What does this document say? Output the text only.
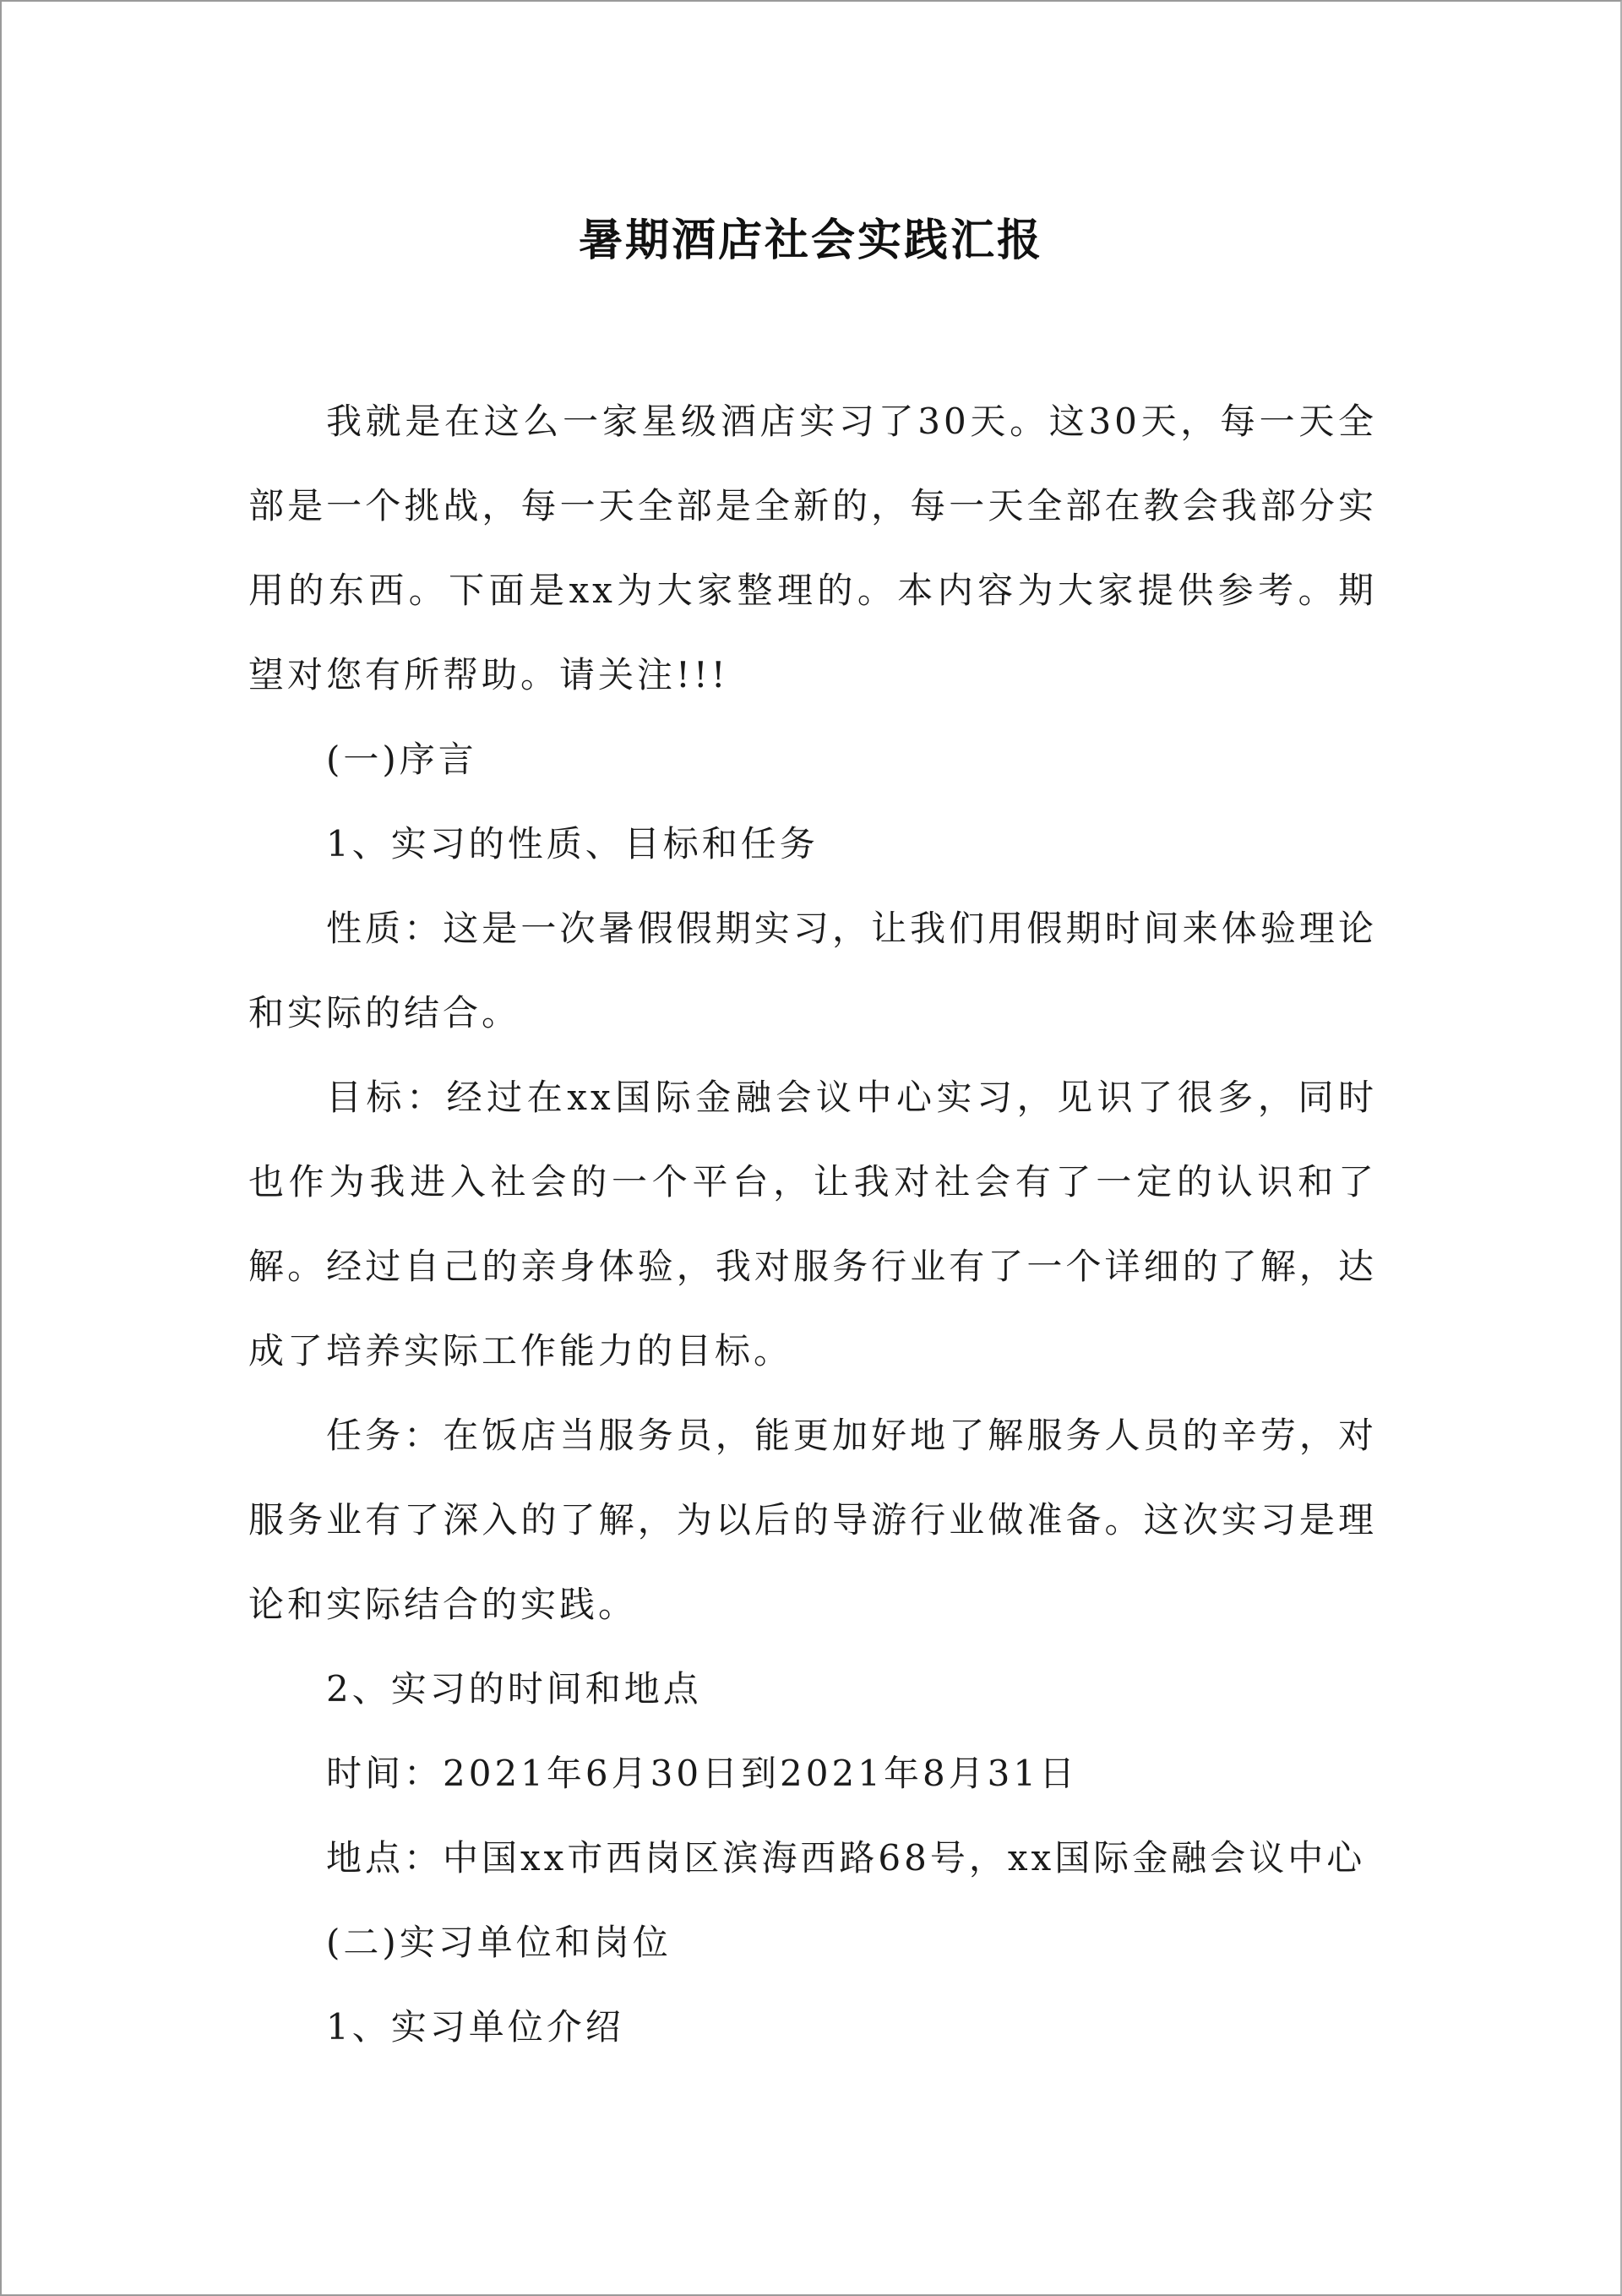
暑期酒店社会实践汇报

我就是在这么一家星级酒店实习了30天。这30天，每一天全部是一个挑战，每一天全部是全新的，每一天全部在教会我部分实用的东西。下面是xx为大家整理的。本内容为大家提供参考。期望对您有所帮助。请关注!!!

(一)序言

1、实习的性质、目标和任务

性质：这是一次暑假假期实习，让我们用假期时间来体验理论和实际的结合。

目标：经过在xx国际金融会议中心实习，见识了很多，同时也作为我进入社会的一个平台，让我对社会有了一定的认识和了解。经过自己的亲身体验，我对服务行业有了一个详细的了解，达成了培养实际工作能力的目标。

任务：在饭店当服务员，能更加好地了解服务人员的辛劳，对服务业有了深入的了解，为以后的导游行业做准备。这次实习是理论和实际结合的实践。

2、实习的时间和地点

时间：2021年6月30日到2021年8月31日

地点：中国xx市西岗区滨海西路68号，xx国际金融会议中心

(二)实习单位和岗位

1、实习单位介绍
